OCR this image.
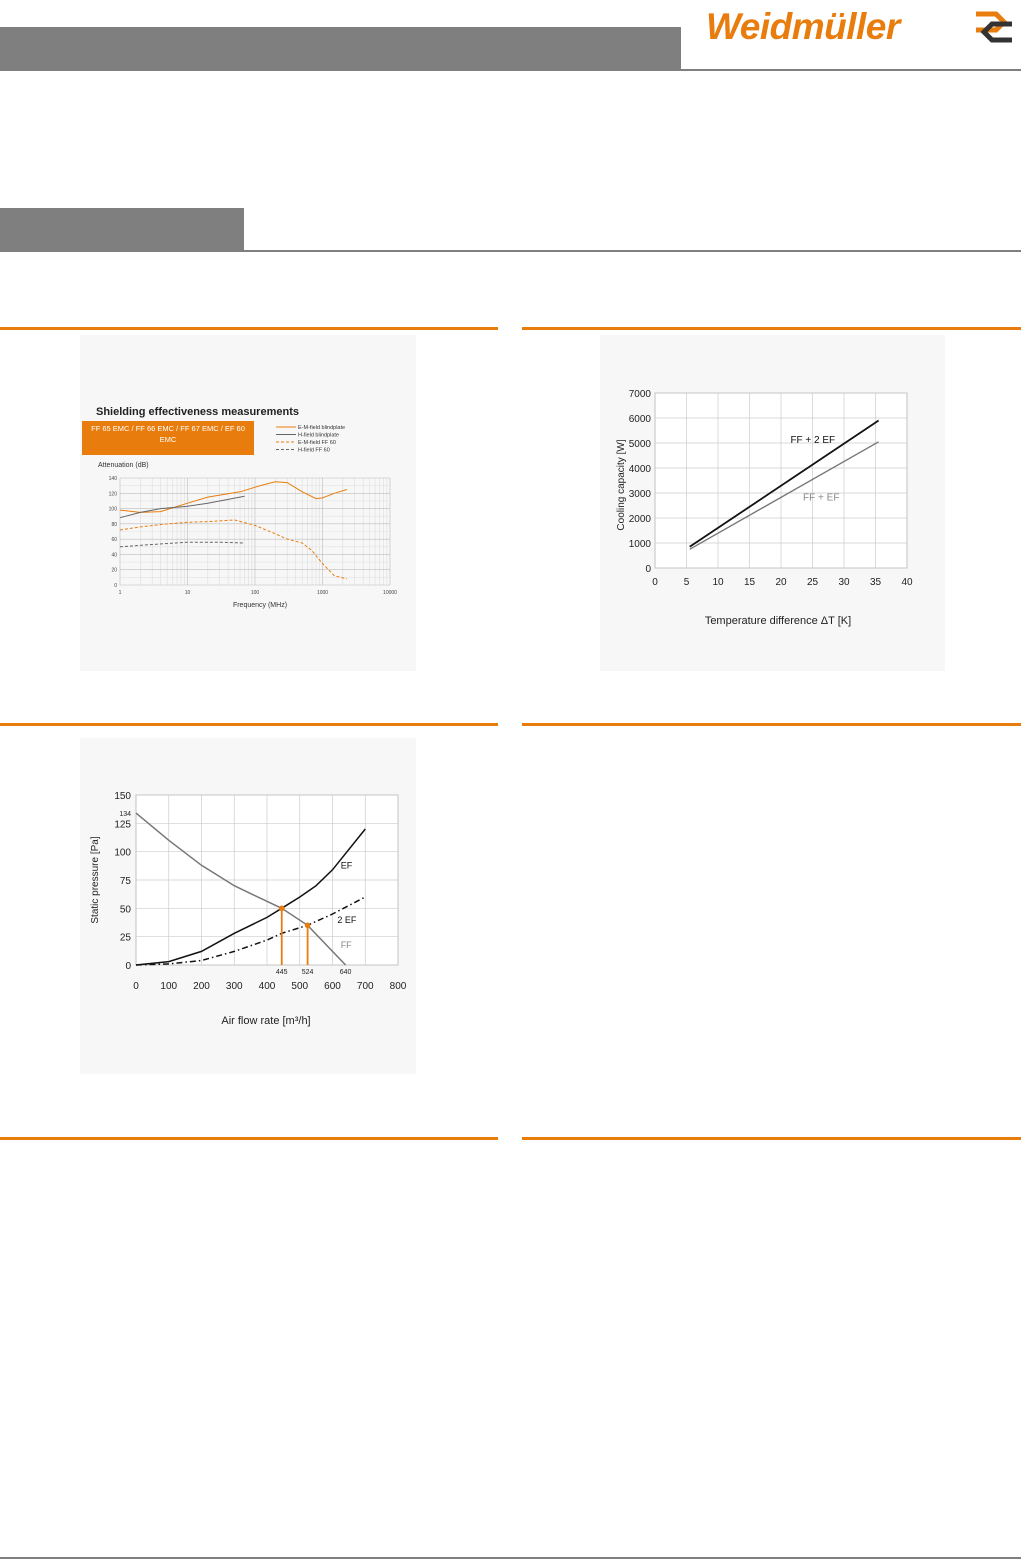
Weidmüller
Shielding effectiveness measurements
FF 65 EMC / FF 66 EMC / FF 67 EMC / EF 60 EMC
Attenuation (dB)
E-M-field blindplate
H-field blindplate
E-M-field FF 60
H-field FF 60
1	10	100	1000	10000
0
20
40
60
80
100
120
140
Frequency (MHz)
0	5 10 15 20 25 30 35 40
0
1000
2000
3000
4000
5000
6000
7000
FF + 2 EF
FF + EF
Cooling capacity [W]
Temperature difference ΔT [K]
0 100 200 300 400 500 600 700 800
0
25
50
75
100
125
150
134
EF
2 EF
FF
445 524	640
Static pressure [Pa]
Air flow rate [m³/h]
